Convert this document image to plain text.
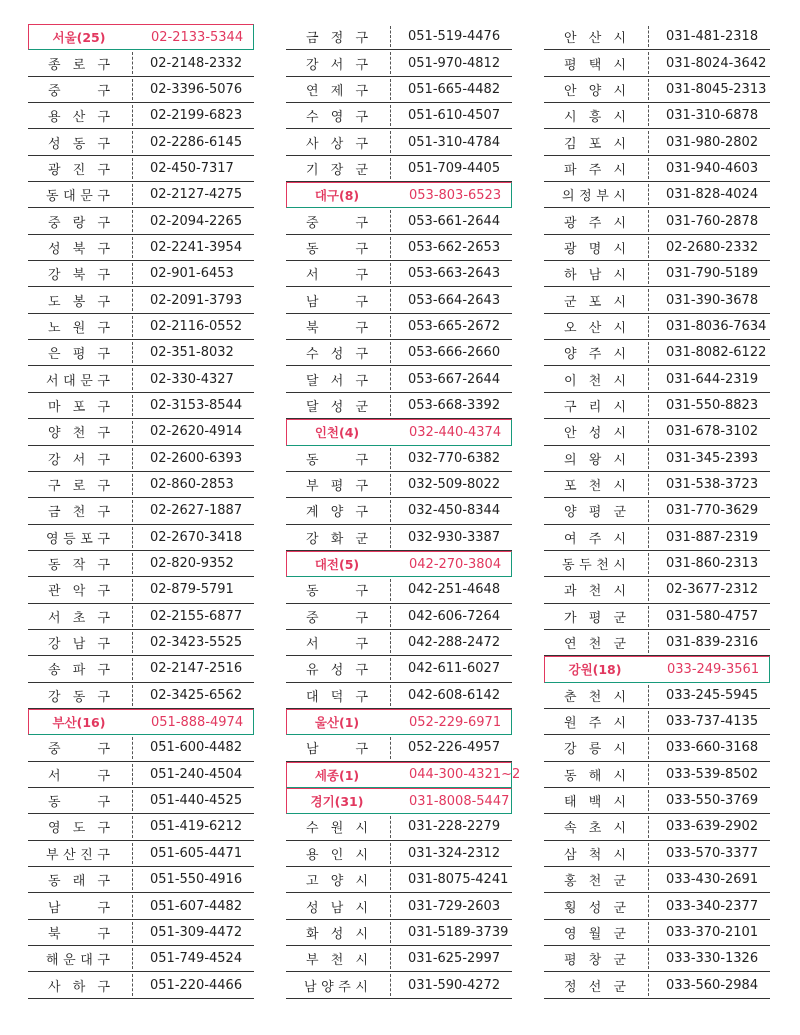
서울(25)	02-2133-5344
종 로 구	02-2148-2332
중	구	02-3396-5076
용 산 구	02-2199-6823
성 동 구	02-2286-6145
광 진 구	02-450-7317
동 대 문 구	02-2127-4275
중 랑 구	02-2094-2265
성 북 구	02-2241-3954
강 북 구	02-901-6453
도 봉 구	02-2091-3793
노 원 구	02-2116-0552
은 평 구	02-351-8032
서 대 문 구	02-330-4327
마 포 구	02-3153-8544
양 천 구	02-2620-4914
강 서 구	02-2600-6393
구 로 구	02-860-2853
금 천 구	02-2627-1887
영 등 포 구	02-2670-3418
동 작 구	02-820-9352
관 악 구	02-879-5791
서 초 구	02-2155-6877
강 남 구	02-3423-5525
송 파 구	02-2147-2516
강 동 구	02-3425-6562
부산(16)	051-888-4974
중	구	051-600-4482
서	구	051-240-4504
동	구	051-440-4525
영 도 구	051-419-6212
부 산 진 구	051-605-4471
동 래 구	051-550-4916
남	구	051-607-4482
북	구	051-309-4472
해 운 대 구	051-749-4524
사 하 구	051-220-4466
금 정 구	051-519-4476
강 서 구	051-970-4812
연 제 구	051-665-4482
수 영 구	051-610-4507
사 상 구	051-310-4784
기 장 군	051-709-4405
대구(8)	053-803-6523
중	구	053-661-2644
동	구	053-662-2653
서	구	053-663-2643
남	구	053-664-2643
북	구	053-665-2672
수 성 구	053-666-2660
달 서 구	053-667-2644
달 성 군	053-668-3392
인천(4)	032-440-4374
동	구	032-770-6382
부 평 구	032-509-8022
계 양 구	032-450-8344
강 화 군	032-930-3387
대전(5)	042-270-3804
동	구	042-251-4648
중	구	042-606-7264
서	구	042-288-2472
유 성 구	042-611-6027
대 덕 구	042-608-6142
울산(1)	052-229-6971
남	구	052-226-4957
세종(1)	044-300-4321~2
경기(31)	031-8008-5447
수 원 시	031-228-2279
용 인 시	031-324-2312
고 양 시	031-8075-4241
성 남 시	031-729-2603
화 성 시	031-5189-3739
부 천 시	031-625-2997
남 양 주 시	031-590-4272
안 산 시	031-481-2318
평 택 시	031-8024-3642
안 양 시	031-8045-2313
시 흥 시	031-310-6878
김 포 시	031-980-2802
파 주 시	031-940-4603
의 정 부 시	031-828-4024
광 주 시	031-760-2878
광 명 시	02-2680-2332
하 남 시	031-790-5189
군 포 시	031-390-3678
오 산 시	031-8036-7634
양 주 시	031-8082-6122
이 천 시	031-644-2319
구 리 시	031-550-8823
안 성 시	031-678-3102
의 왕 시	031-345-2393
포 천 시	031-538-3723
양 평 군	031-770-3629
여 주 시	031-887-2319
동 두 천 시	031-860-2313
과 천 시	02-3677-2312
가 평 군	031-580-4757
연 천 군	031-839-2316
강원(18)	033-249-3561
춘 천 시	033-245-5945
원 주 시	033-737-4135
강 릉 시	033-660-3168
동 해 시	033-539-8502
태 백 시	033-550-3769
속 초 시	033-639-2902
삼 척 시	033-570-3377
홍 천 군	033-430-2691
횡 성 군	033-340-2377
영 월 군	033-370-2101
평 창 군	033-330-1326
정 선 군	033-560-2984
